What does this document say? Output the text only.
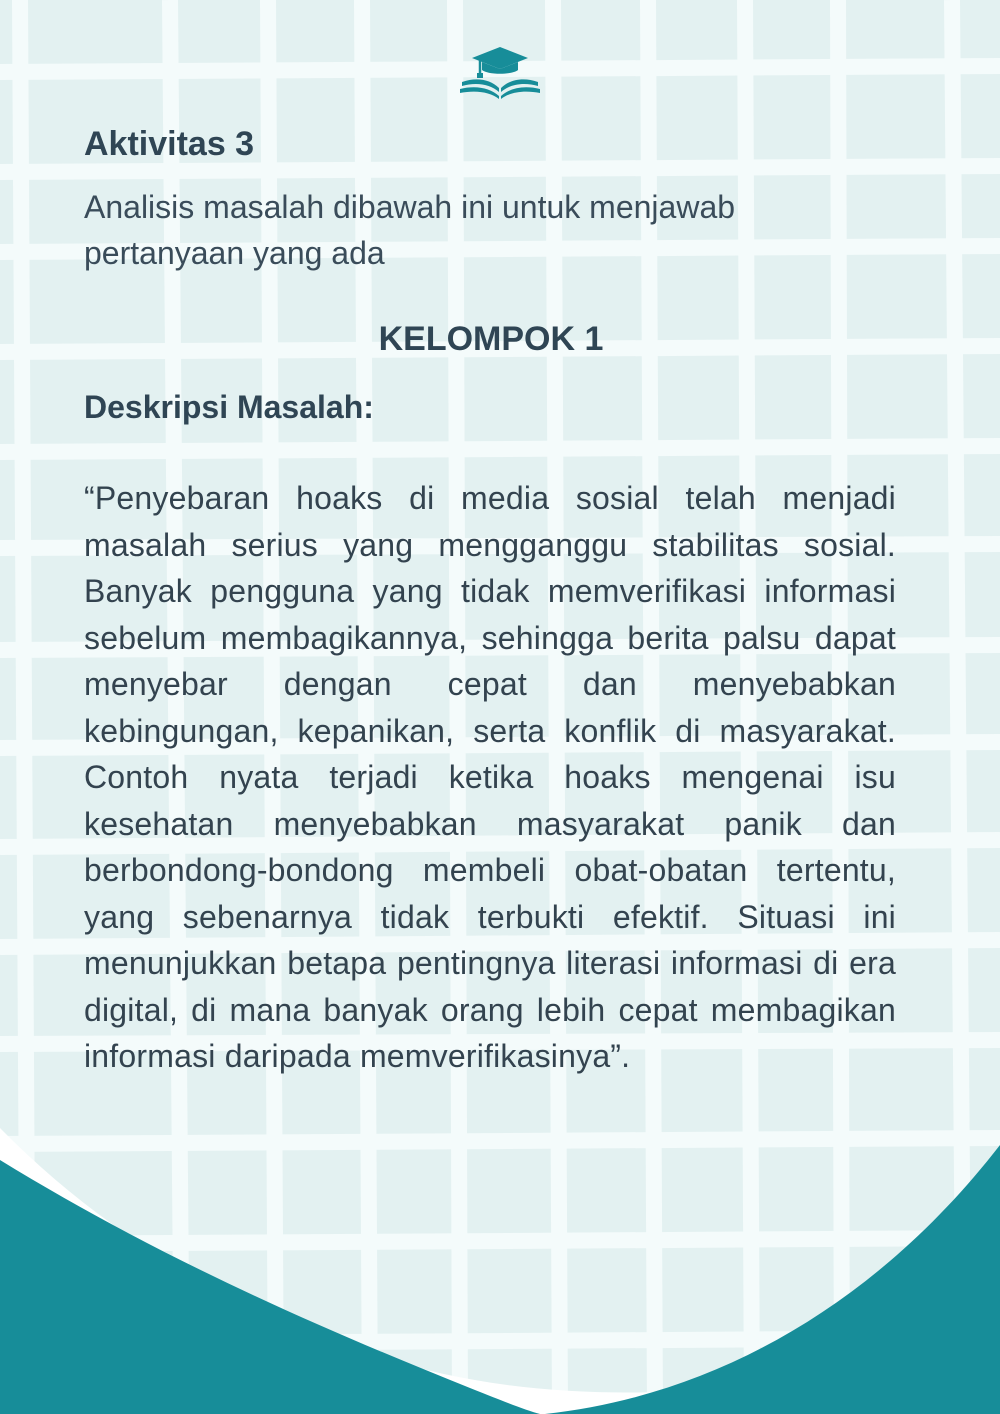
Aktivitas 3

Analisis masalah dibawah ini untuk menjawab pertanyaan yang ada

KELOMPOK 1
Deskripsi Masalah:

“Penyebaran hoaks di media sosial telah menjadi masalah serius yang mengganggu stabilitas sosial. Banyak pengguna yang tidak memverifikasi informasi sebelum membagikannya, sehingga berita palsu dapat menyebar dengan cepat dan menyebabkan kebingungan, kepanikan, serta konflik di masyarakat. Contoh nyata terjadi ketika hoaks mengenai isu kesehatan menyebabkan masyarakat panik dan berbondong-bondong membeli obat-obatan tertentu, yang sebenarnya tidak terbukti efektif. Situasi ini menunjukkan betapa pentingnya literasi informasi di era digital, di mana banyak orang lebih cepat membagikan informasi daripada memverifikasinya”.
